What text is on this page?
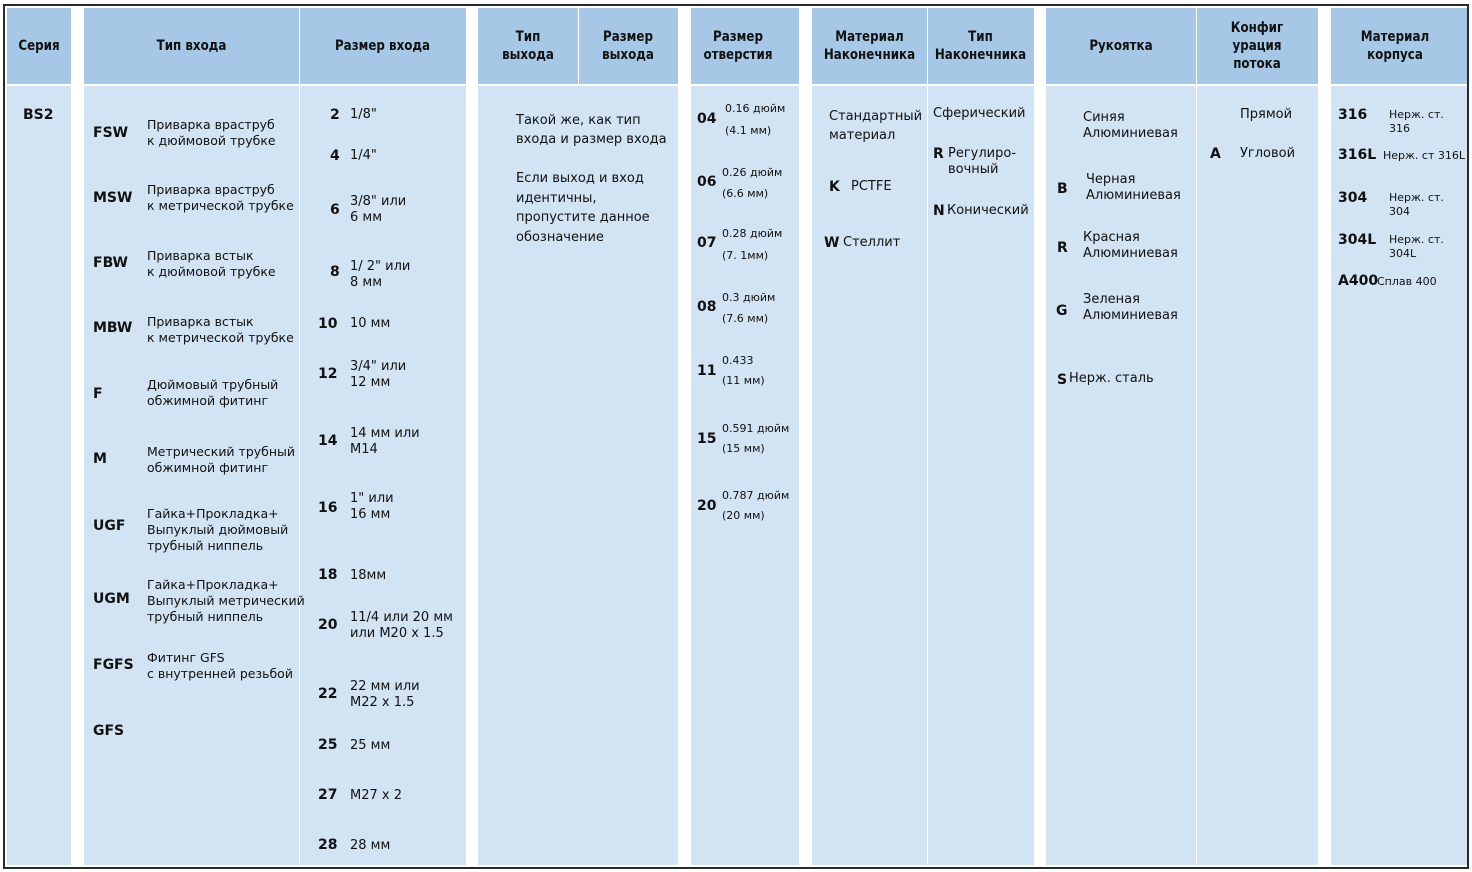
Серия
BS2
Тип входа	Размер входа
FSW
Приварка враструб
к дюймовой трубке
MSW
Приварка враструб
к метрической трубке
FBW Приварка встык
к дюймовой трубке
MBW Приварка встык
к метрической трубке
F
Дюймовый трубный
обжимной фитинг
M	Метрический трубный
обжимной фитинг
UGF
Гайка+Прокладка+
Выпуклый дюймовый
трубный ниппель
UGM
Гайка+Прокладка+
Выпуклый метрический
трубный ниппель
FGFS Фитинг GFS
с внутренней резьбой
GFS
2 1/8"
4 1/4"
6
3/8" или
6 мм
8 1/ 2" или
8 мм
10 10 мм
12 3/4" или
12 мм
14 14 мм или
M14
16
1" или
16 мм
18 18мм
20 11/4 или 20 мм
или M20 x 1.5
22 22 мм или
M22 x 1.5
25 25 мм
27 M27 x 2
28 28 мм
Тип
выхода
Размер
выхода
Такой же, как тип
входа и размер входа
Если выход и вход
идентичны,
пропустите данное
обозначение
Размер
отверстия
04
0.16 дюйм
(4.1 мм)
06
0.26 дюйм
(6.6 мм)
07
0.28 дюйм
(7. 1мм)
08
0.3 дюйм
(7.6 мм)
11
0.433
(11 мм)
15
0.591 дюйм
(15 мм)
20
0.787 дюйм
(20 мм)
Материал
Наконечника
Тип
Наконечника
Стандартный
материал
K PCTFE
W Стеллит
Сферический
R Регулиро-
вочный
N Конический
Рукоятка
Конфиг урация
потока
Синяя
Алюминиевая
B
Черная
Алюминиевая
R
Красная
Алюминиевая
G
Зеленая
Алюминиевая
S Нерж. сталь
Прямой
A Угловой
Материал
корпуса
316 Нерж. ст. 316
316L Нерж. ст 316L
304 Нерж. ст. 304
304L Нерж. ст. 304L
A400
Сплав 400
